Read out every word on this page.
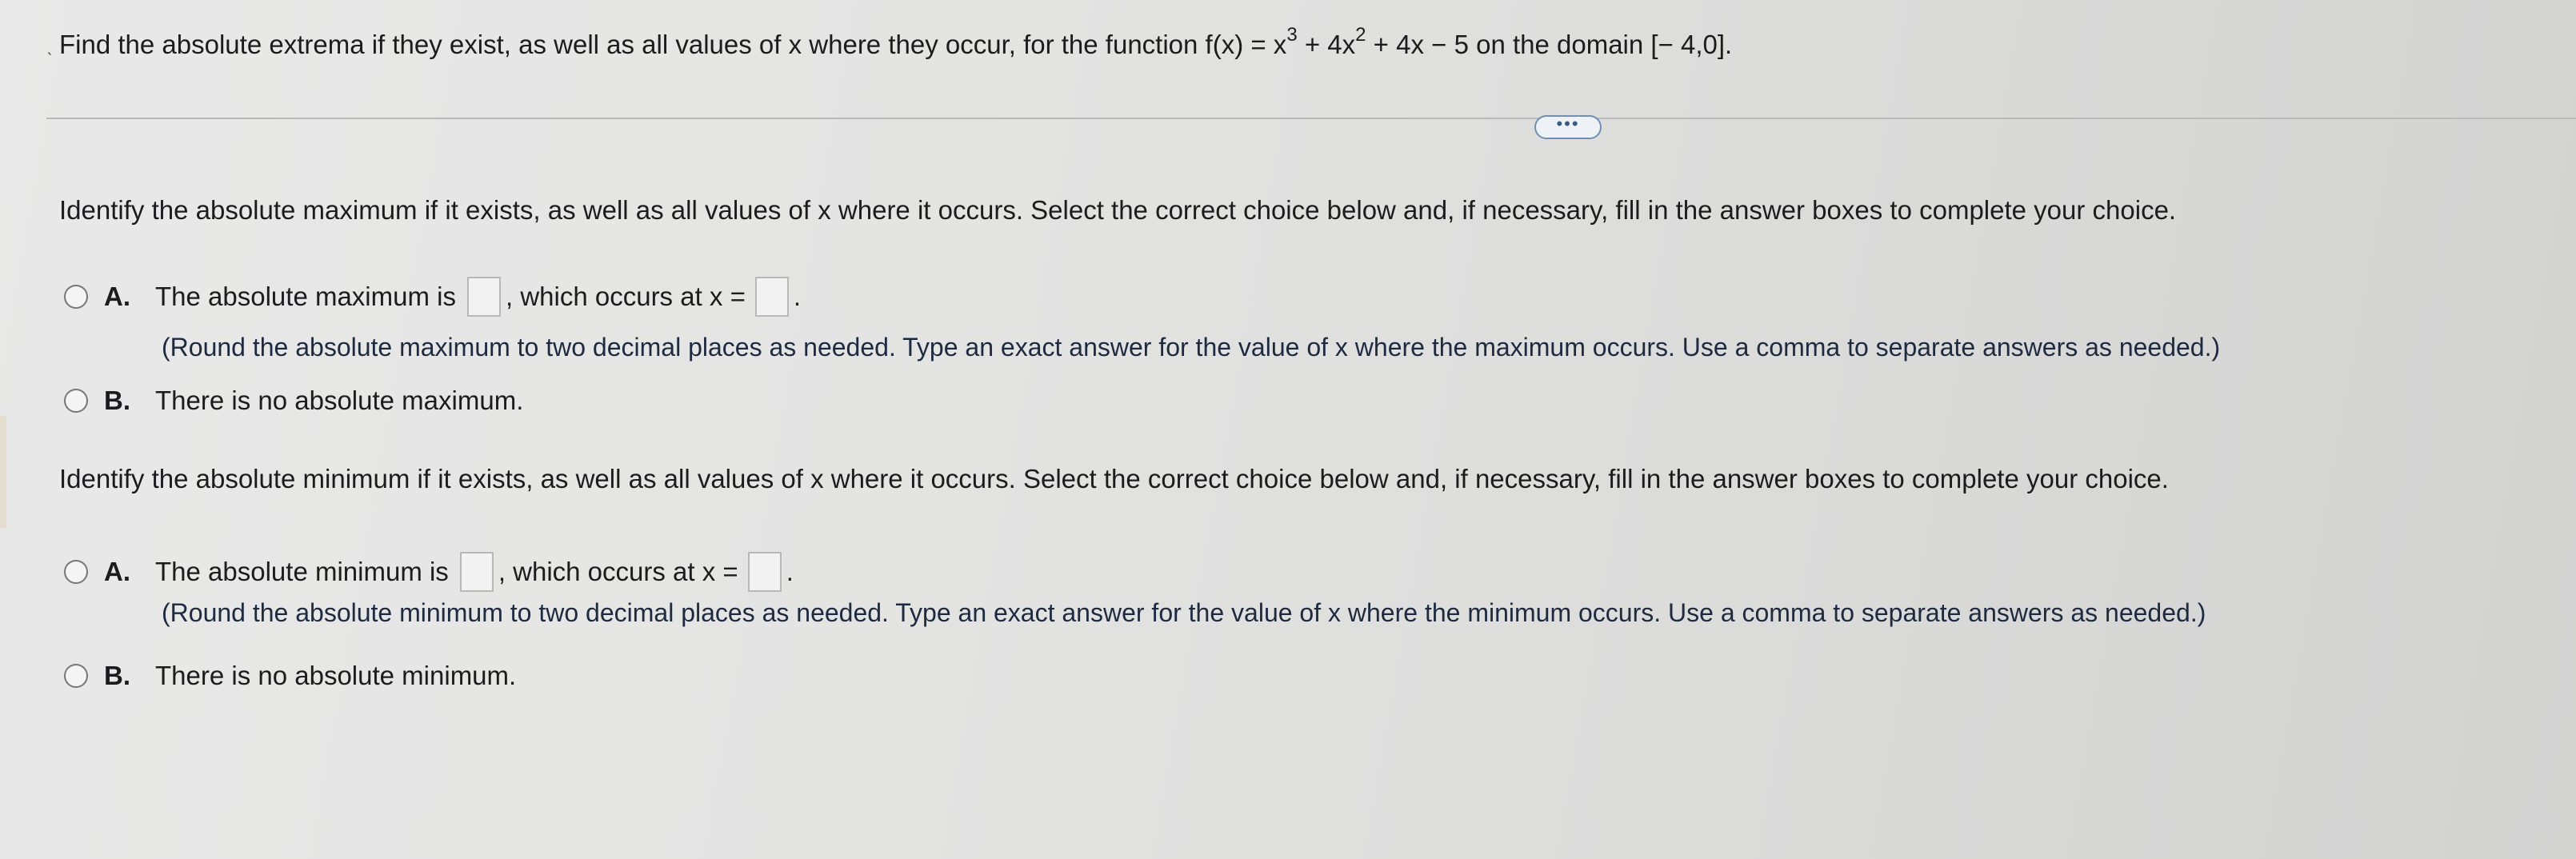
ˎ Find the absolute extrema if they exist, as well as all values of x where they occur, for the function $f(x) = x^3 + 4x^2 + 4x - 5$ on the domain [− 4,0].
•••
Identify the absolute maximum if it exists, as well as all values of x where it occurs. Select the correct choice below and, if necessary, fill in the answer boxes to complete your choice.
A. The absolute maximum is , which occurs at x = .
(Round the absolute maximum to two decimal places as needed. Type an exact answer for the value of x where the maximum occurs. Use a comma to separate answers as needed.)
B. There is no absolute maximum.
Identify the absolute minimum if it exists, as well as all values of x where it occurs. Select the correct choice below and, if necessary, fill in the answer boxes to complete your choice.
A. The absolute minimum is , which occurs at x = .
(Round the absolute minimum to two decimal places as needed. Type an exact answer for the value of x where the minimum occurs. Use a comma to separate answers as needed.)
B. There is no absolute minimum.
